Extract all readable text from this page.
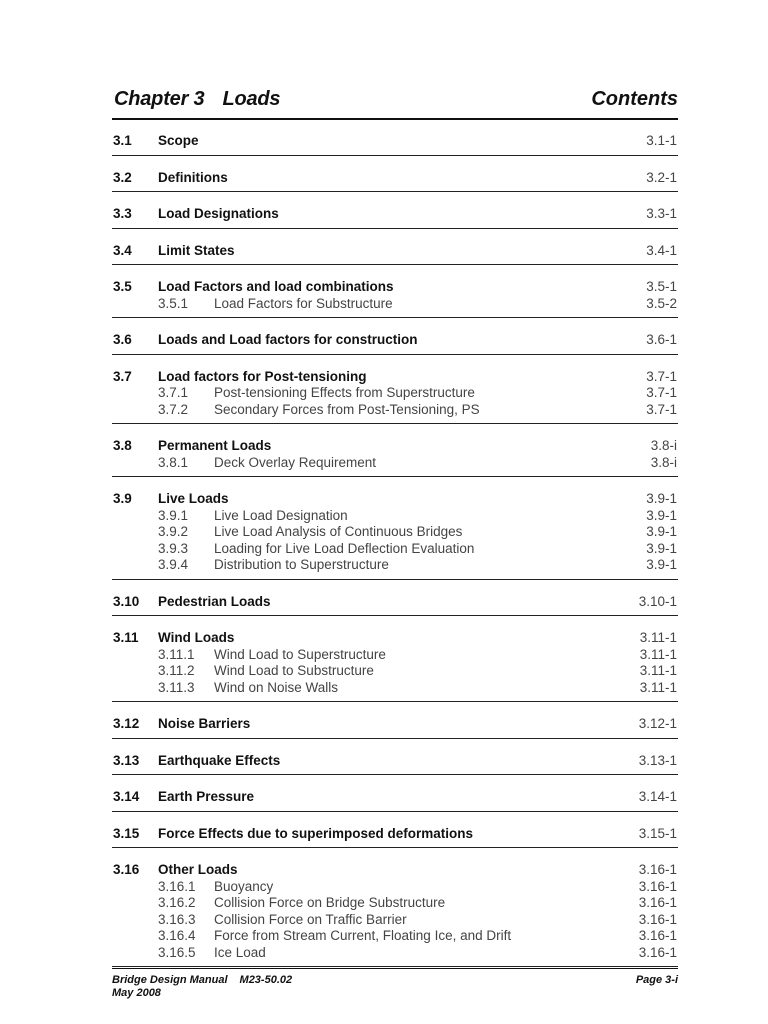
Chapter 3 Loads	Contents
3.1 Scope	3.1-1
3.2 Definitions	3.2-1
3.3 Load Designations	3.3-1
3.4 Limit States	3.4-1
3.5 Load Factors and load combinations	3.5-1
3.5.1 Load Factors for Substructure	3.5-2
3.6 Loads and Load factors for construction	3.6-1
3.7 Load factors for Post-tensioning	3.7-1
3.7.1 Post-tensioning Effects from Superstructure	3.7-1
3.7.2 Secondary Forces from Post-Tensioning, PS	3.7-1
3.8 Permanent Loads	3.8-i
3.8.1 Deck Overlay Requirement	3.8-i
3.9 Live Loads	3.9-1
3.9.1 Live Load Designation	3.9-1
3.9.2 Live Load Analysis of Continuous Bridges	3.9-1
3.9.3 Loading for Live Load Deflection Evaluation	3.9-1
3.9.4 Distribution to Superstructure	3.9-1
3.10 Pedestrian Loads	3.10-1
3.11 Wind Loads	3.11-1
3.11.1 Wind Load to Superstructure	3.11-1
3.11.2 Wind Load to Substructure	3.11-1
3.11.3 Wind on Noise Walls	3.11-1
3.12 Noise Barriers	3.12-1
3.13 Earthquake Effects	3.13-1
3.14 Earth Pressure	3.14-1
3.15 Force Effects due to superimposed deformations	3.15-1
3.16 Other Loads	3.16-1
3.16.1 Buoyancy	3.16-1
3.16.2 Collision Force on Bridge Substructure	3.16-1
3.16.3 Collision Force on Traffic Barrier	3.16-1
3.16.4 Force from Stream Current, Floating Ice, and Drift	3.16-1
3.16.5 Ice Load	3.16-1
Bridge Design Manual M23-50.02	Page 3-i
May 2008
